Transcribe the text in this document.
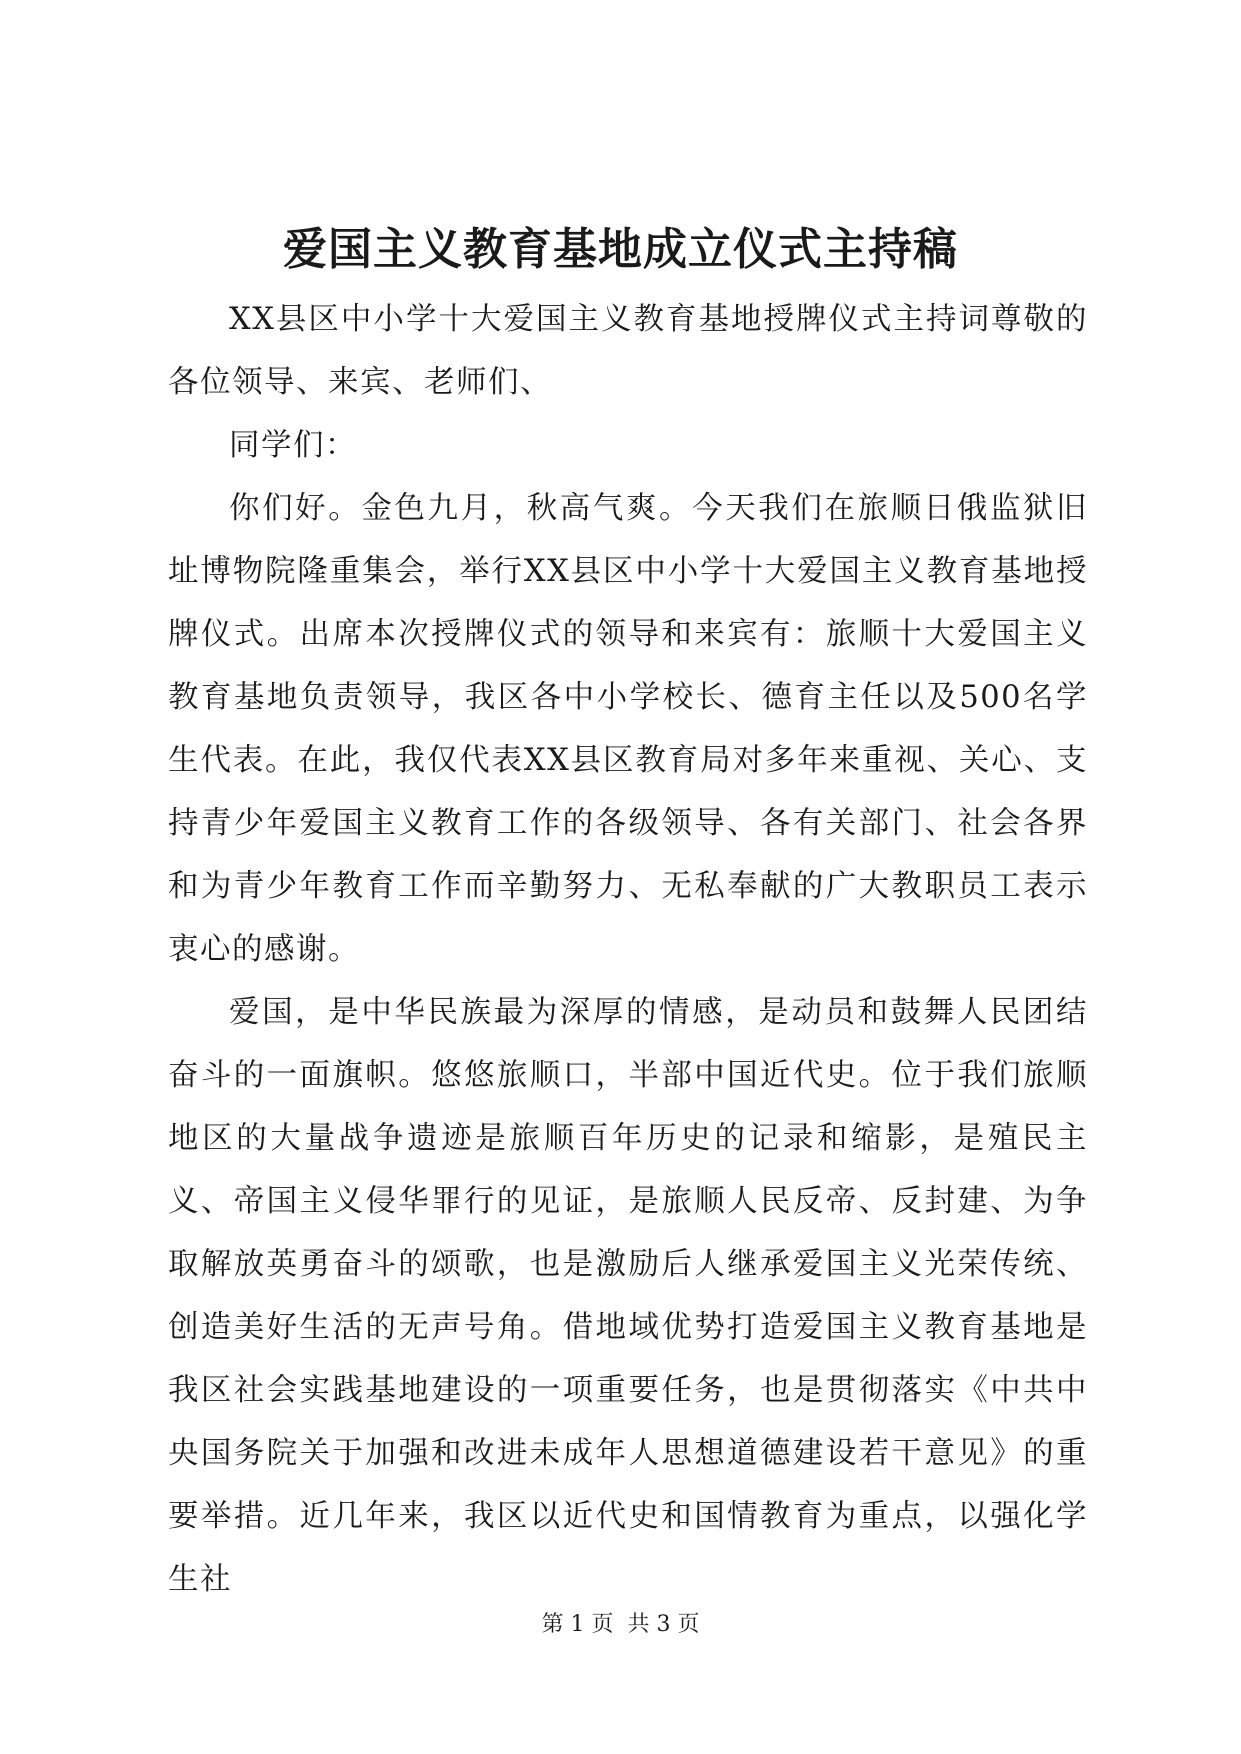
爱国主义教育基地成立仪式主持稿

XX县区中小学十大爱国主义教育基地授牌仪式主持词尊敬的各位领导、来宾、老师们、

同学们：

你们好。金色九月，秋高气爽。今天我们在旅顺日俄监狱旧址博物院隆重集会，举行XX县区中小学十大爱国主义教育基地授牌仪式。出席本次授牌仪式的领导和来宾有：旅顺十大爱国主义教育基地负责领导，我区各中小学校长、德育主任以及500名学生代表。在此，我仅代表XX县区教育局对多年来重视、关心、支持青少年爱国主义教育工作的各级领导、各有关部门、社会各界和为青少年教育工作而辛勤努力、无私奉献的广大教职员工表示衷心的感谢。

爱国，是中华民族最为深厚的情感，是动员和鼓舞人民团结奋斗的一面旗帜。悠悠旅顺口，半部中国近代史。位于我们旅顺地区的大量战争遗迹是旅顺百年历史的记录和缩影，是殖民主义、帝国主义侵华罪行的见证，是旅顺人民反帝、反封建、为争取解放英勇奋斗的颂歌，也是激励后人继承爱国主义光荣传统、创造美好生活的无声号角。借地域优势打造爱国主义教育基地是我区社会实践基地建设的一项重要任务，也是贯彻落实《中共中央国务院关于加强和改进未成年人思想道德建设若干意见》的重要举措。近几年来，我区以近代史和国情教育为重点，以强化学生社

第 1 页  共 3 页
